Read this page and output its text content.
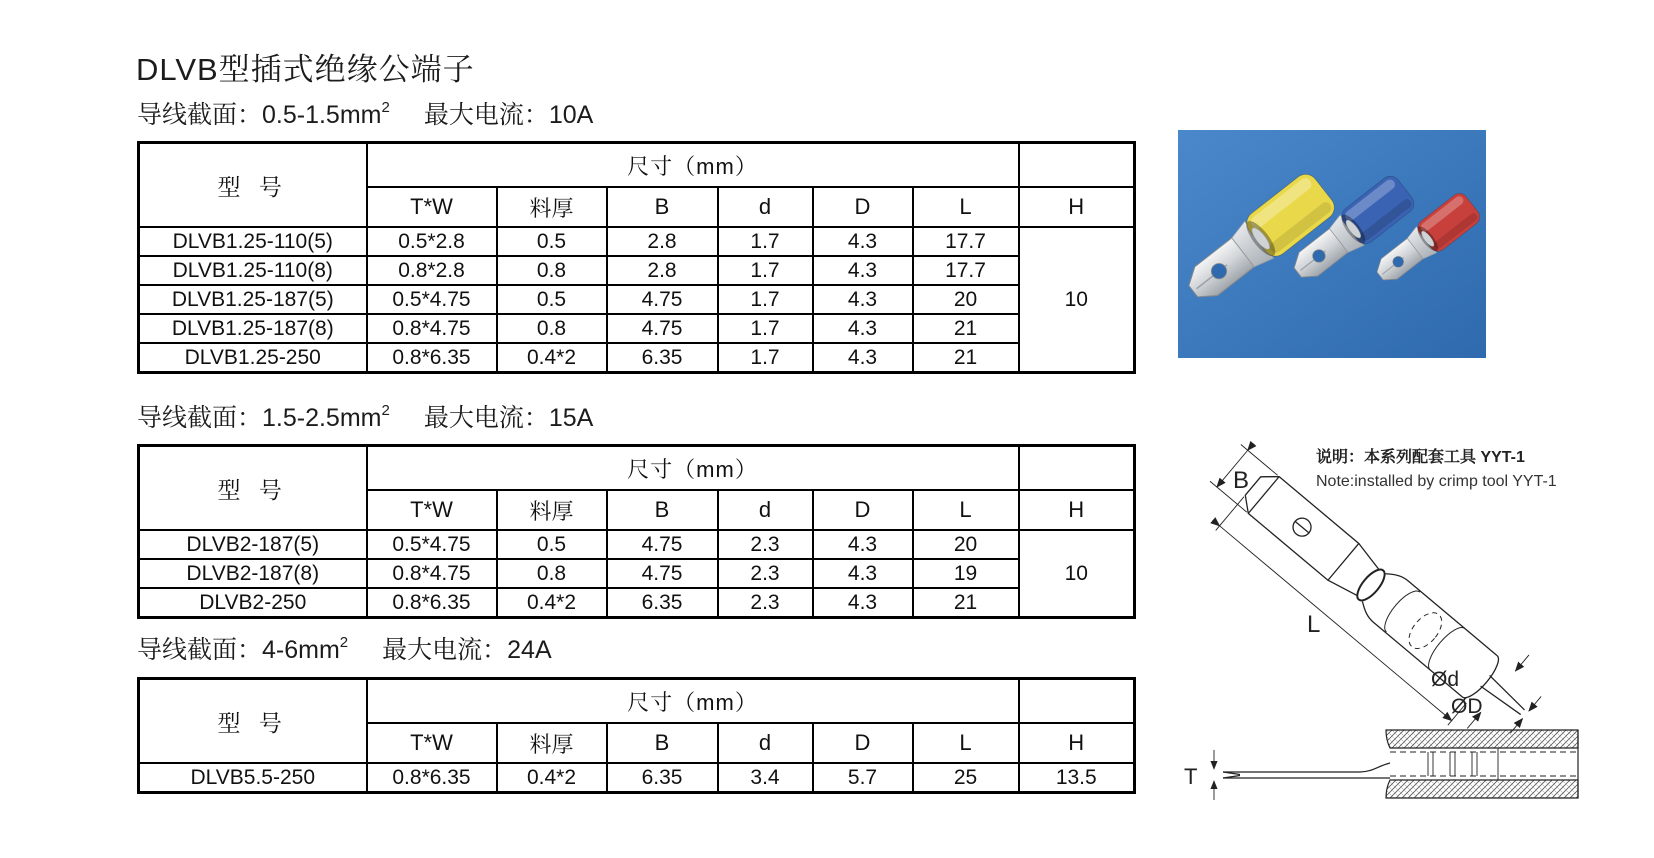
DLVB型插式绝缘公端子
导线截面：$0.5-1.5mm^2$ 最大电流：10A
型 号	尺寸（mm）						
	T*W	料厚	B	d	D	L	H
DLVB1.25-110(5)	0.5*2.8	0.5	2.8	1.7	4.3	17.7	10
DLVB1.25-110(8)	0.8*2.8	0.8	2.8	1.7	4.3	17.7	
DLVB1.25-187(5)	0.5*4.75	0.5	4.75	1.7	4.3	20	
DLVB1.25-187(8)	0.8*4.75	0.8	4.75	1.7	4.3	21	
DLVB1.25-250	0.8*6.35	0.4*2	6.35	1.7	4.3	21	
导线截面：$1.5-2.5mm^2$ 最大电流：15A
型 号	尺寸（mm）						
	T*W	料厚	B	d	D	L	H
DLVB2-187(5)	0.5*4.75	0.5	4.75	2.3	4.3	20	10
DLVB2-187(8)	0.8*4.75	0.8	4.75	2.3	4.3	19	
DLVB2-250	0.8*6.35	0.4*2	6.35	2.3	4.3	21	
导线截面：$4-6mm^2$ 最大电流：24A
型 号	尺寸（mm）						
	T*W	料厚	B	d	D	L	H
DLVB5.5-250	0.8*6.35	0.4*2	6.35	3.4	5.7	25	13.5
说明：本系列配套工具 YYT-1
Note:installed by crimp tool YYT-1
B
L
Ød
ØD
T
